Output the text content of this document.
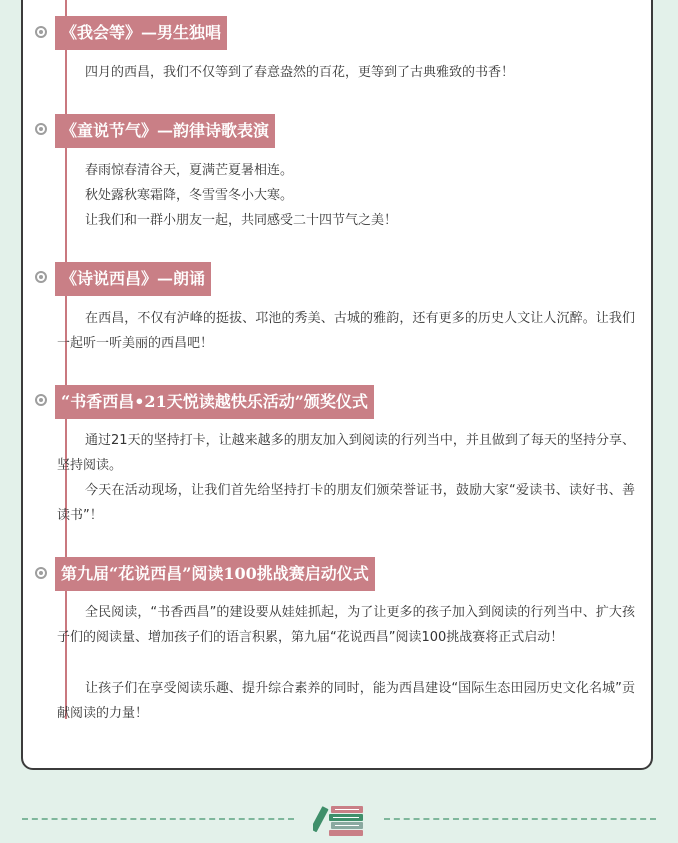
《我会等》—男生独唱

四月的西昌，我们不仅等到了春意盎然的百花，更等到了古典雅致的书香！

《童说节气》—韵律诗歌表演
春雨惊春清谷天，夏满芒夏暑相连。
秋处露秋寒霜降，冬雪雪冬小大寒。
让我们和一群小朋友一起，共同感受二十四节气之美！
《诗说西昌》—朗诵

在西昌，不仅有泸峰的挺拔、邛池的秀美、古城的雅韵，还有更多的历史人文让人沉醉。让我们一起听一听美丽的西昌吧！

“书香西昌•21天悦读越快乐活动”颁奖仪式

通过21天的坚持打卡，让越来越多的朋友加入到阅读的行列当中，并且做到了每天的坚持分享、坚持阅读。

今天在活动现场，让我们首先给坚持打卡的朋友们颁荣誉证书，鼓励大家“爱读书、读好书、善读书”！

第九届“花说西昌”阅读100挑战赛启动仪式

全民阅读，“书香西昌”的建设要从娃娃抓起，为了让更多的孩子加入到阅读的行列当中、扩大孩子们的阅读量、增加孩子们的语言积累，第九届“花说西昌”阅读100挑战赛将正式启动！

让孩子们在享受阅读乐趣、提升综合素养的同时，能为西昌建设“国际生态田园历史文化名城”贡献阅读的力量！
